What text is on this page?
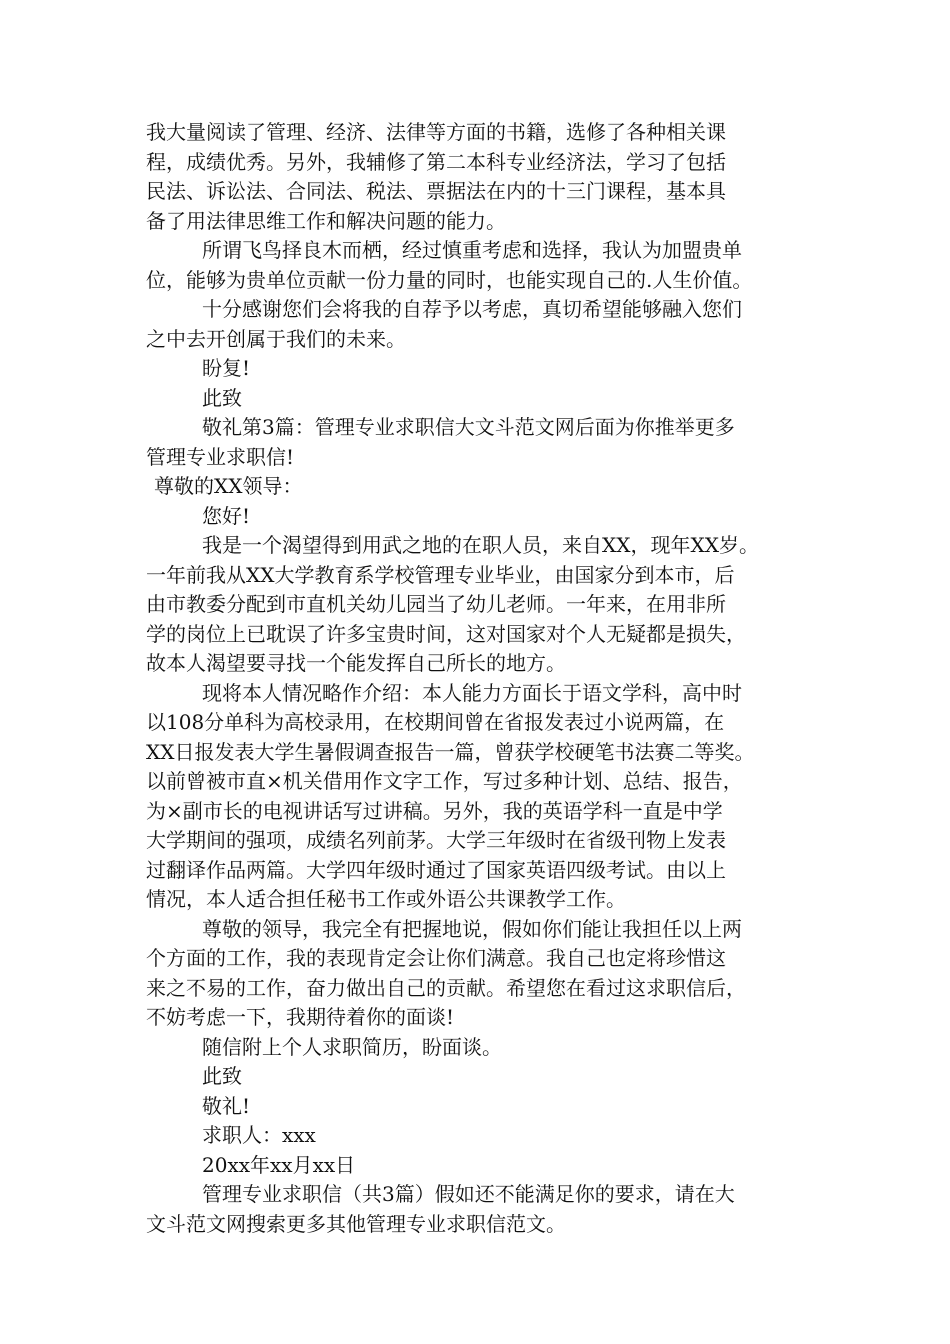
我大量阅读了管理、经济、法律等方面的书籍，选修了各种相关课
程，成绩优秀。另外，我辅修了第二本科专业经济法，学习了包括
民法、诉讼法、合同法、税法、票据法在内的十三门课程，基本具
备了用法律思维工作和解决问题的能力。
所谓飞鸟择良木而栖，经过慎重考虑和选择，我认为加盟贵单
位，能够为贵单位贡献一份力量的同时，也能实现自己的.人生价值。
十分感谢您们会将我的自荐予以考虑，真切希望能够融入您们
之中去开创属于我们的未来。
盼复!
此致
敬礼第3篇：管理专业求职信大文斗范文网后面为你推举更多
管理专业求职信!
尊敬的XX领导：
您好!
我是一个渴望得到用武之地的在职人员，来自XX，现年XX岁。
一年前我从XX大学教育系学校管理专业毕业，由国家分到本市，后
由市教委分配到市直机关幼儿园当了幼儿老师。一年来，在用非所
学的岗位上已耽误了许多宝贵时间，这对国家对个人无疑都是损失，
故本人渴望要寻找一个能发挥自己所长的地方。
现将本人情况略作介绍：本人能力方面长于语文学科，高中时
以108分单科为高校录用，在校期间曾在省报发表过小说两篇，在
XX日报发表大学生暑假调查报告一篇，曾获学校硬笔书法赛二等奖。
以前曾被市直×机关借用作文字工作，写过多种计划、总结、报告，
为×副市长的电视讲话写过讲稿。另外，我的英语学科一直是中学
大学期间的强项，成绩名列前茅。大学三年级时在省级刊物上发表
过翻译作品两篇。大学四年级时通过了国家英语四级考试。由以上
情况，本人适合担任秘书工作或外语公共课教学工作。
尊敬的领导，我完全有把握地说，假如你们能让我担任以上两
个方面的工作，我的表现肯定会让你们满意。我自己也定将珍惜这
来之不易的工作，奋力做出自己的贡献。希望您在看过这求职信后，
不妨考虑一下，我期待着你的面谈!
随信附上个人求职简历，盼面谈。
此致
敬礼!
求职人：xxx
20xx年xx月xx日
管理专业求职信（共3篇）假如还不能满足你的要求，请在大
文斗范文网搜索更多其他管理专业求职信范文。
